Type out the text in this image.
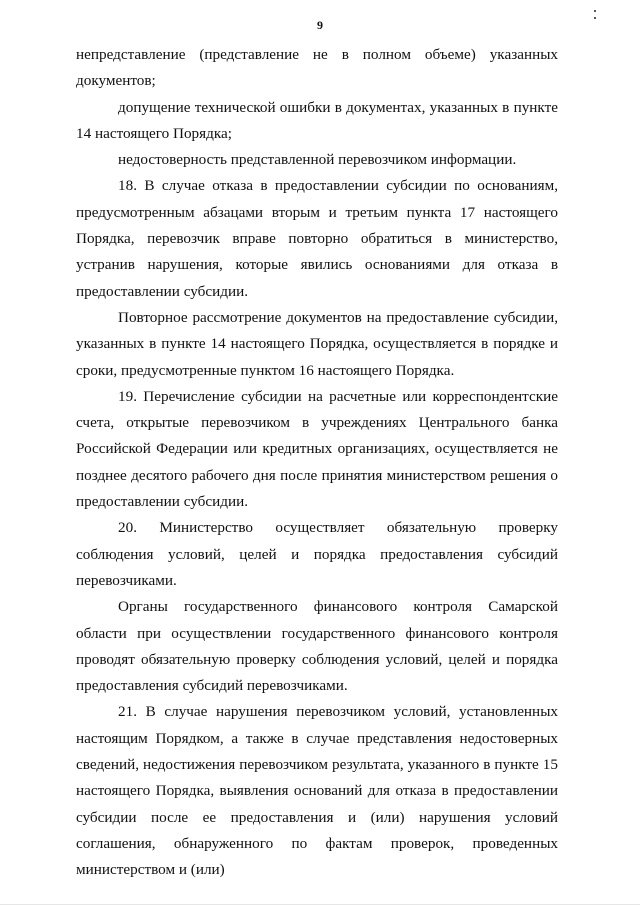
9

непредставление (представление не в полном объеме) указанных документов;

допущение технической ошибки в документах, указанных в пункте 14 настоящего Порядка;

недостоверность представленной перевозчиком информации.

18. В случае отказа в предоставлении субсидии по основаниям, предусмотренным абзацами вторым и третьим пункта 17 настоящего Порядка, перевозчик вправе повторно обратиться в министерство, устранив нарушения, которые явились основаниями для отказа в предоставлении субсидии.

Повторное рассмотрение документов на предоставление субсидии, указанных в пункте 14 настоящего Порядка, осуществляется в порядке и сроки, предусмотренные пунктом 16 настоящего Порядка.

19. Перечисление субсидии на расчетные или корреспондентские счета, открытые перевозчиком в учреждениях Центрального банка Российской Федерации или кредитных организациях, осуществляется не позднее десятого рабочего дня после принятия министерством решения о предоставлении субсидии.

20. Министерство осуществляет обязательную проверку соблюдения условий, целей и порядка предоставления субсидий перевозчиками.

Органы государственного финансового контроля Самарской области при осуществлении государственного финансового контроля проводят обязательную проверку соблюдения условий, целей и порядка предоставления субсидий перевозчиками.

21. В случае нарушения перевозчиком условий, установленных настоящим Порядком, а также в случае представления недостоверных сведений, недостижения перевозчиком результата, указанного в пункте 15 настоящего Порядка, выявления оснований для отказа в предоставлении субсидии после ее предоставления и (или) нарушения условий соглашения, обнаруженного по фактам проверок, проведенных министерством и (или)
